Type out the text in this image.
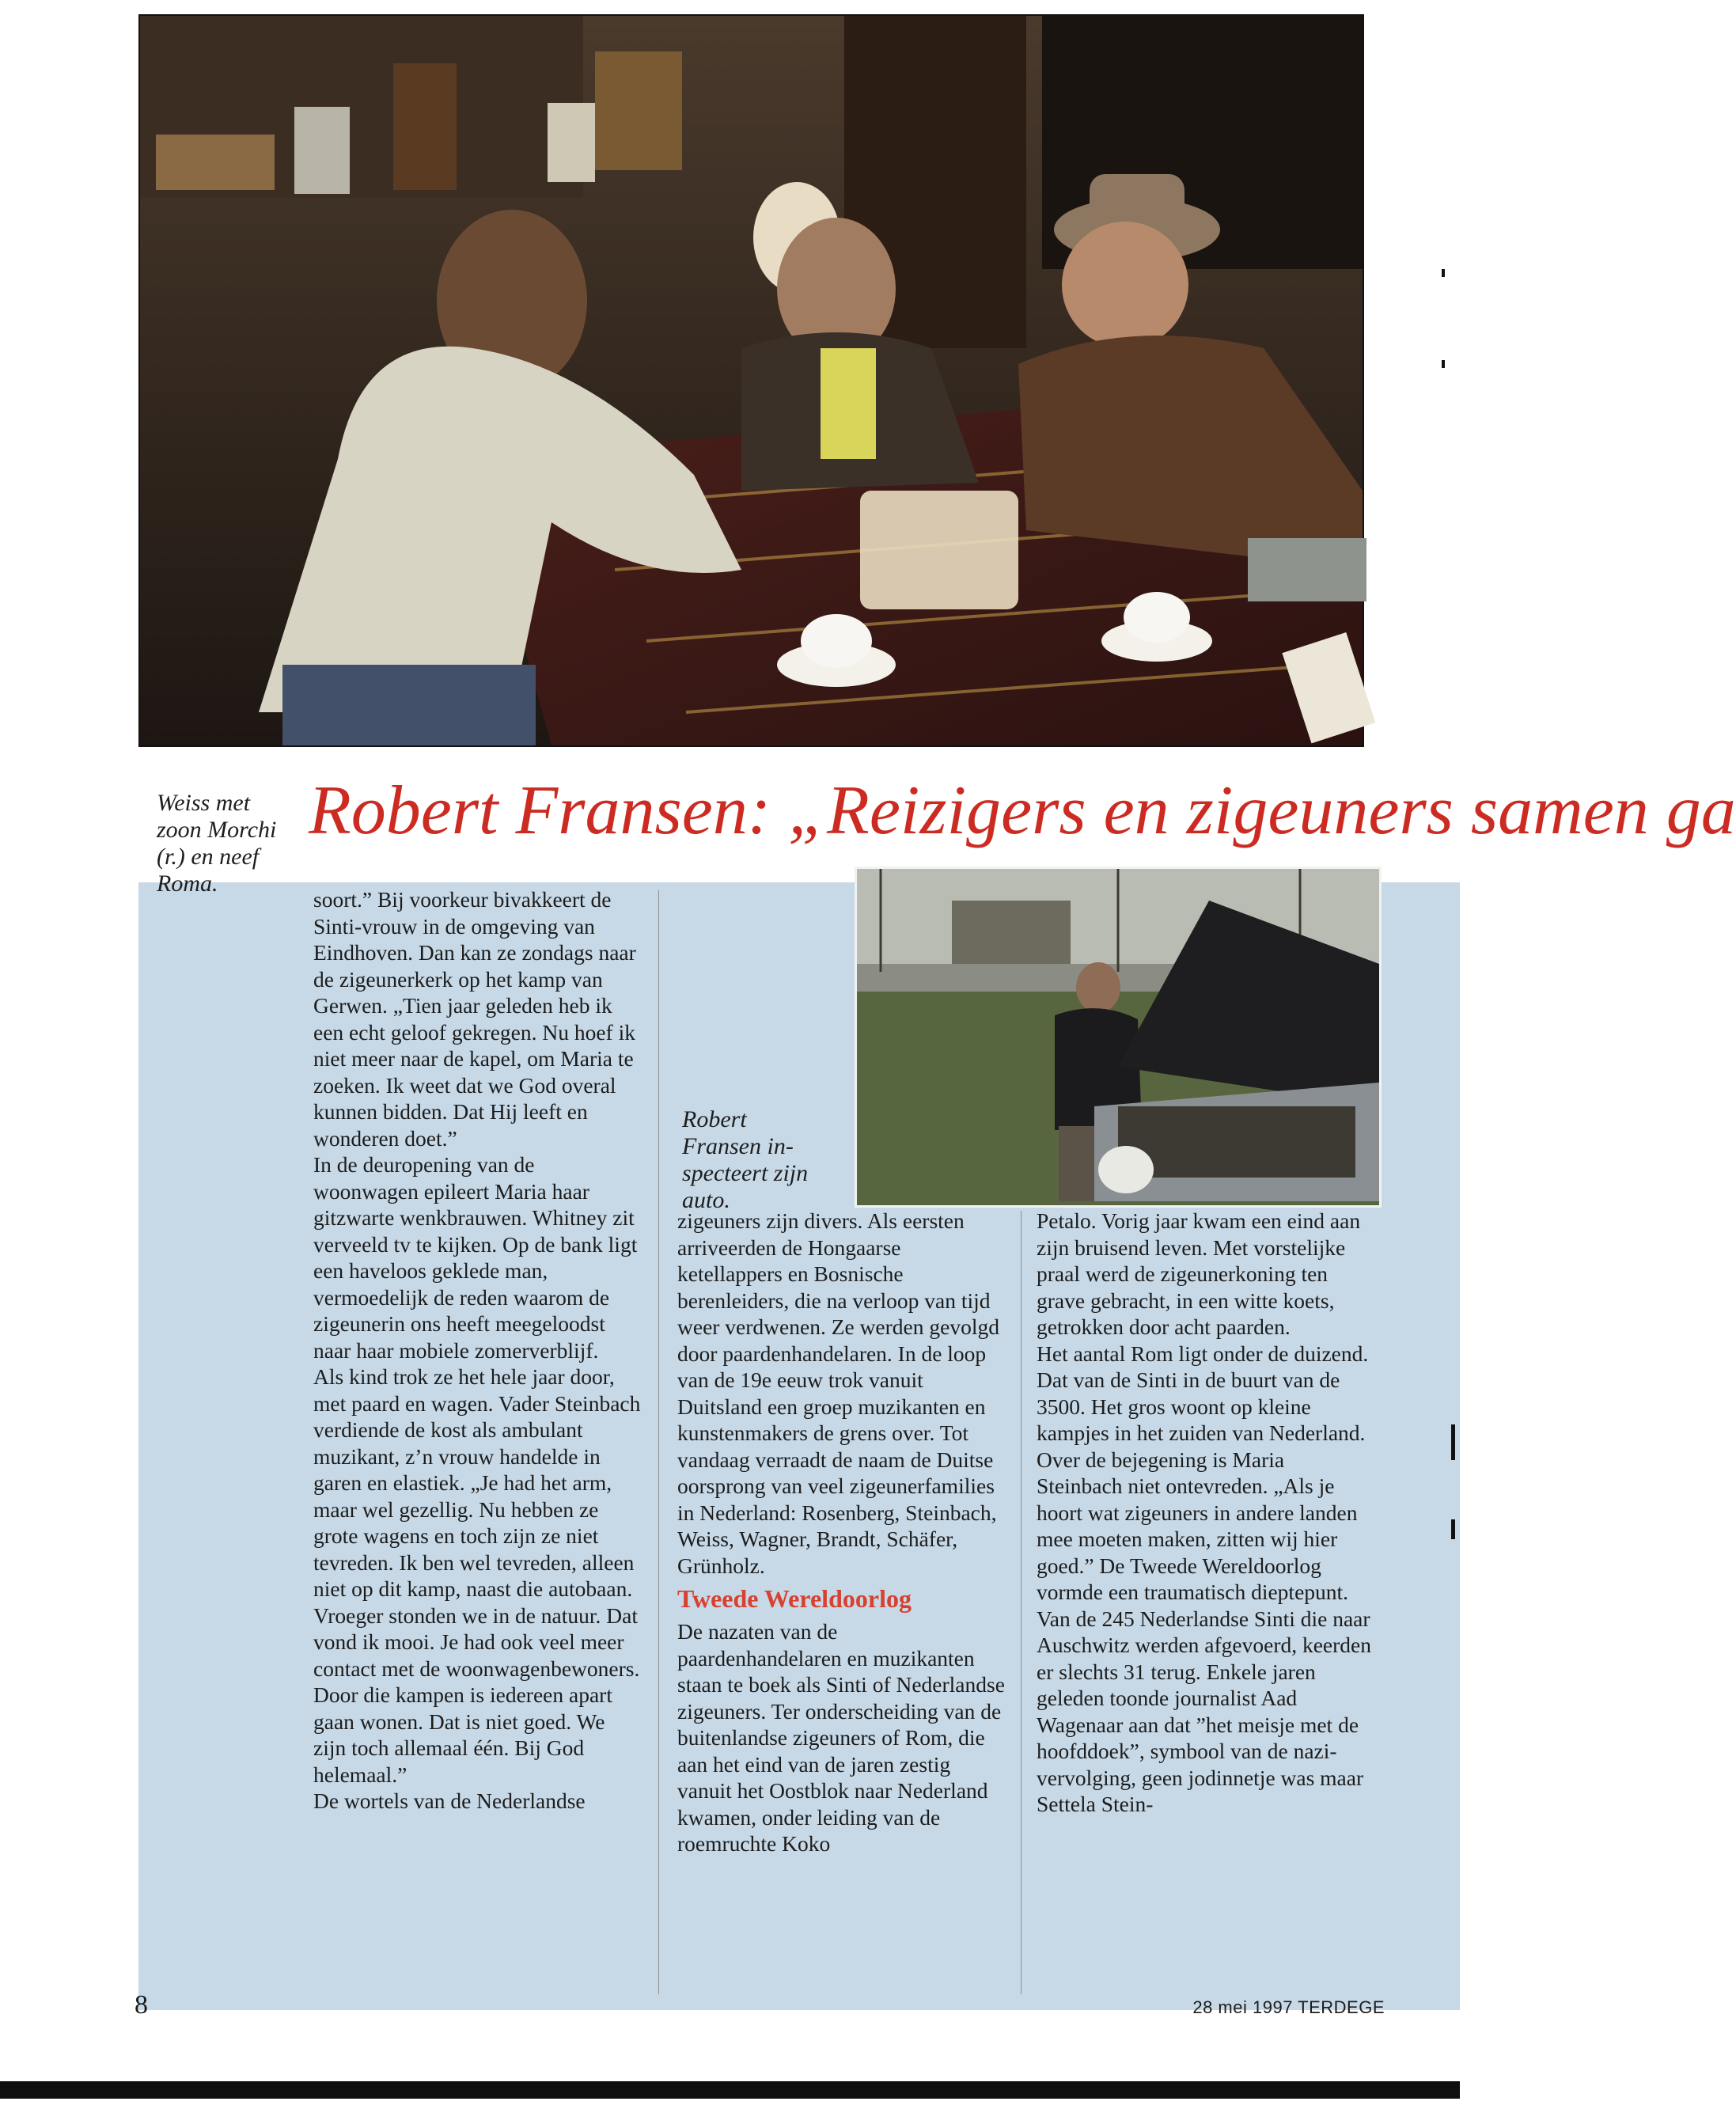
Weiss met
zoon Morchi
(r.) en neef
Roma.

Robert Fransen: „Reizigers en zigeuners samen ga

Robert
Fransen in-
specteert zijn
auto.

soort.” Bij voorkeur bivakkeert de Sinti-vrouw in de omgeving van Eindhoven. Dan kan ze zondags naar de zigeunerkerk op het kamp van Gerwen. „Tien jaar geleden heb ik een echt geloof gekregen. Nu hoef ik niet meer naar de kapel, om Maria te zoeken. Ik weet dat we God overal kunnen bidden. Dat Hij leeft en wonderen doet.”

In de deuropening van de woonwagen epileert Maria haar gitzwarte wenkbrauwen. Whitney zit verveeld tv te kijken. Op de bank ligt een haveloos geklede man, vermoedelijk de reden waarom de zigeunerin ons heeft meegeloodst naar haar mobiele zomerverblijf.

Als kind trok ze het hele jaar door, met paard en wagen. Vader Steinbach verdiende de kost als ambulant muzikant, z’n vrouw handelde in garen en elastiek. „Je had het arm, maar wel gezellig. Nu hebben ze grote wagens en toch zijn ze niet tevreden. Ik ben wel tevreden, alleen niet op dit kamp, naast die autobaan. Vroeger stonden we in de natuur. Dat vond ik mooi. Je had ook veel meer contact met de woonwagenbewoners. Door die kampen is iedereen apart gaan wonen. Dat is niet goed. We zijn toch allemaal één. Bij God helemaal.”

De wortels van de Nederlandse

zigeuners zijn divers. Als eersten arriveerden de Hongaarse ketellappers en Bosnische berenleiders, die na verloop van tijd weer verdwenen. Ze werden gevolgd door paardenhandelaren. In de loop van de 19e eeuw trok vanuit Duitsland een groep muzikanten en kunstenmakers de grens over. Tot vandaag verraadt de naam de Duitse oorsprong van veel zigeunerfamilies in Nederland: Rosenberg, Steinbach, Weiss, Wagner, Brandt, Schäfer, Grünholz.

Tweede Wereldoorlog

De nazaten van de paardenhandelaren en muzikanten staan te boek als Sinti of Nederlandse zigeuners. Ter onderscheiding van de buitenlandse zigeuners of Rom, die aan het eind van de jaren zestig vanuit het Oostblok naar Nederland kwamen, onder leiding van de roemruchte Koko

Petalo. Vorig jaar kwam een eind aan zijn bruisend leven. Met vorstelijke praal werd de zigeunerkoning ten grave gebracht, in een witte koets, getrokken door acht paarden.

Het aantal Rom ligt onder de duizend. Dat van de Sinti in de buurt van de 3500. Het gros woont op kleine kampjes in het zuiden van Nederland. Over de bejegening is Maria Steinbach niet ontevreden. „Als je hoort wat zigeuners in andere landen mee moeten maken, zitten wij hier goed.” De Tweede Wereldoorlog vormde een traumatisch dieptepunt. Van de 245 Nederlandse Sinti die naar Auschwitz werden afgevoerd, keerden er slechts 31 terug. Enkele jaren geleden toonde journalist Aad Wagenaar aan dat ”het meisje met de hoofddoek”, symbool van de nazi-vervolging, geen jodinnetje was maar Settela Stein-

8	28 mei 1997 TERDEGE
